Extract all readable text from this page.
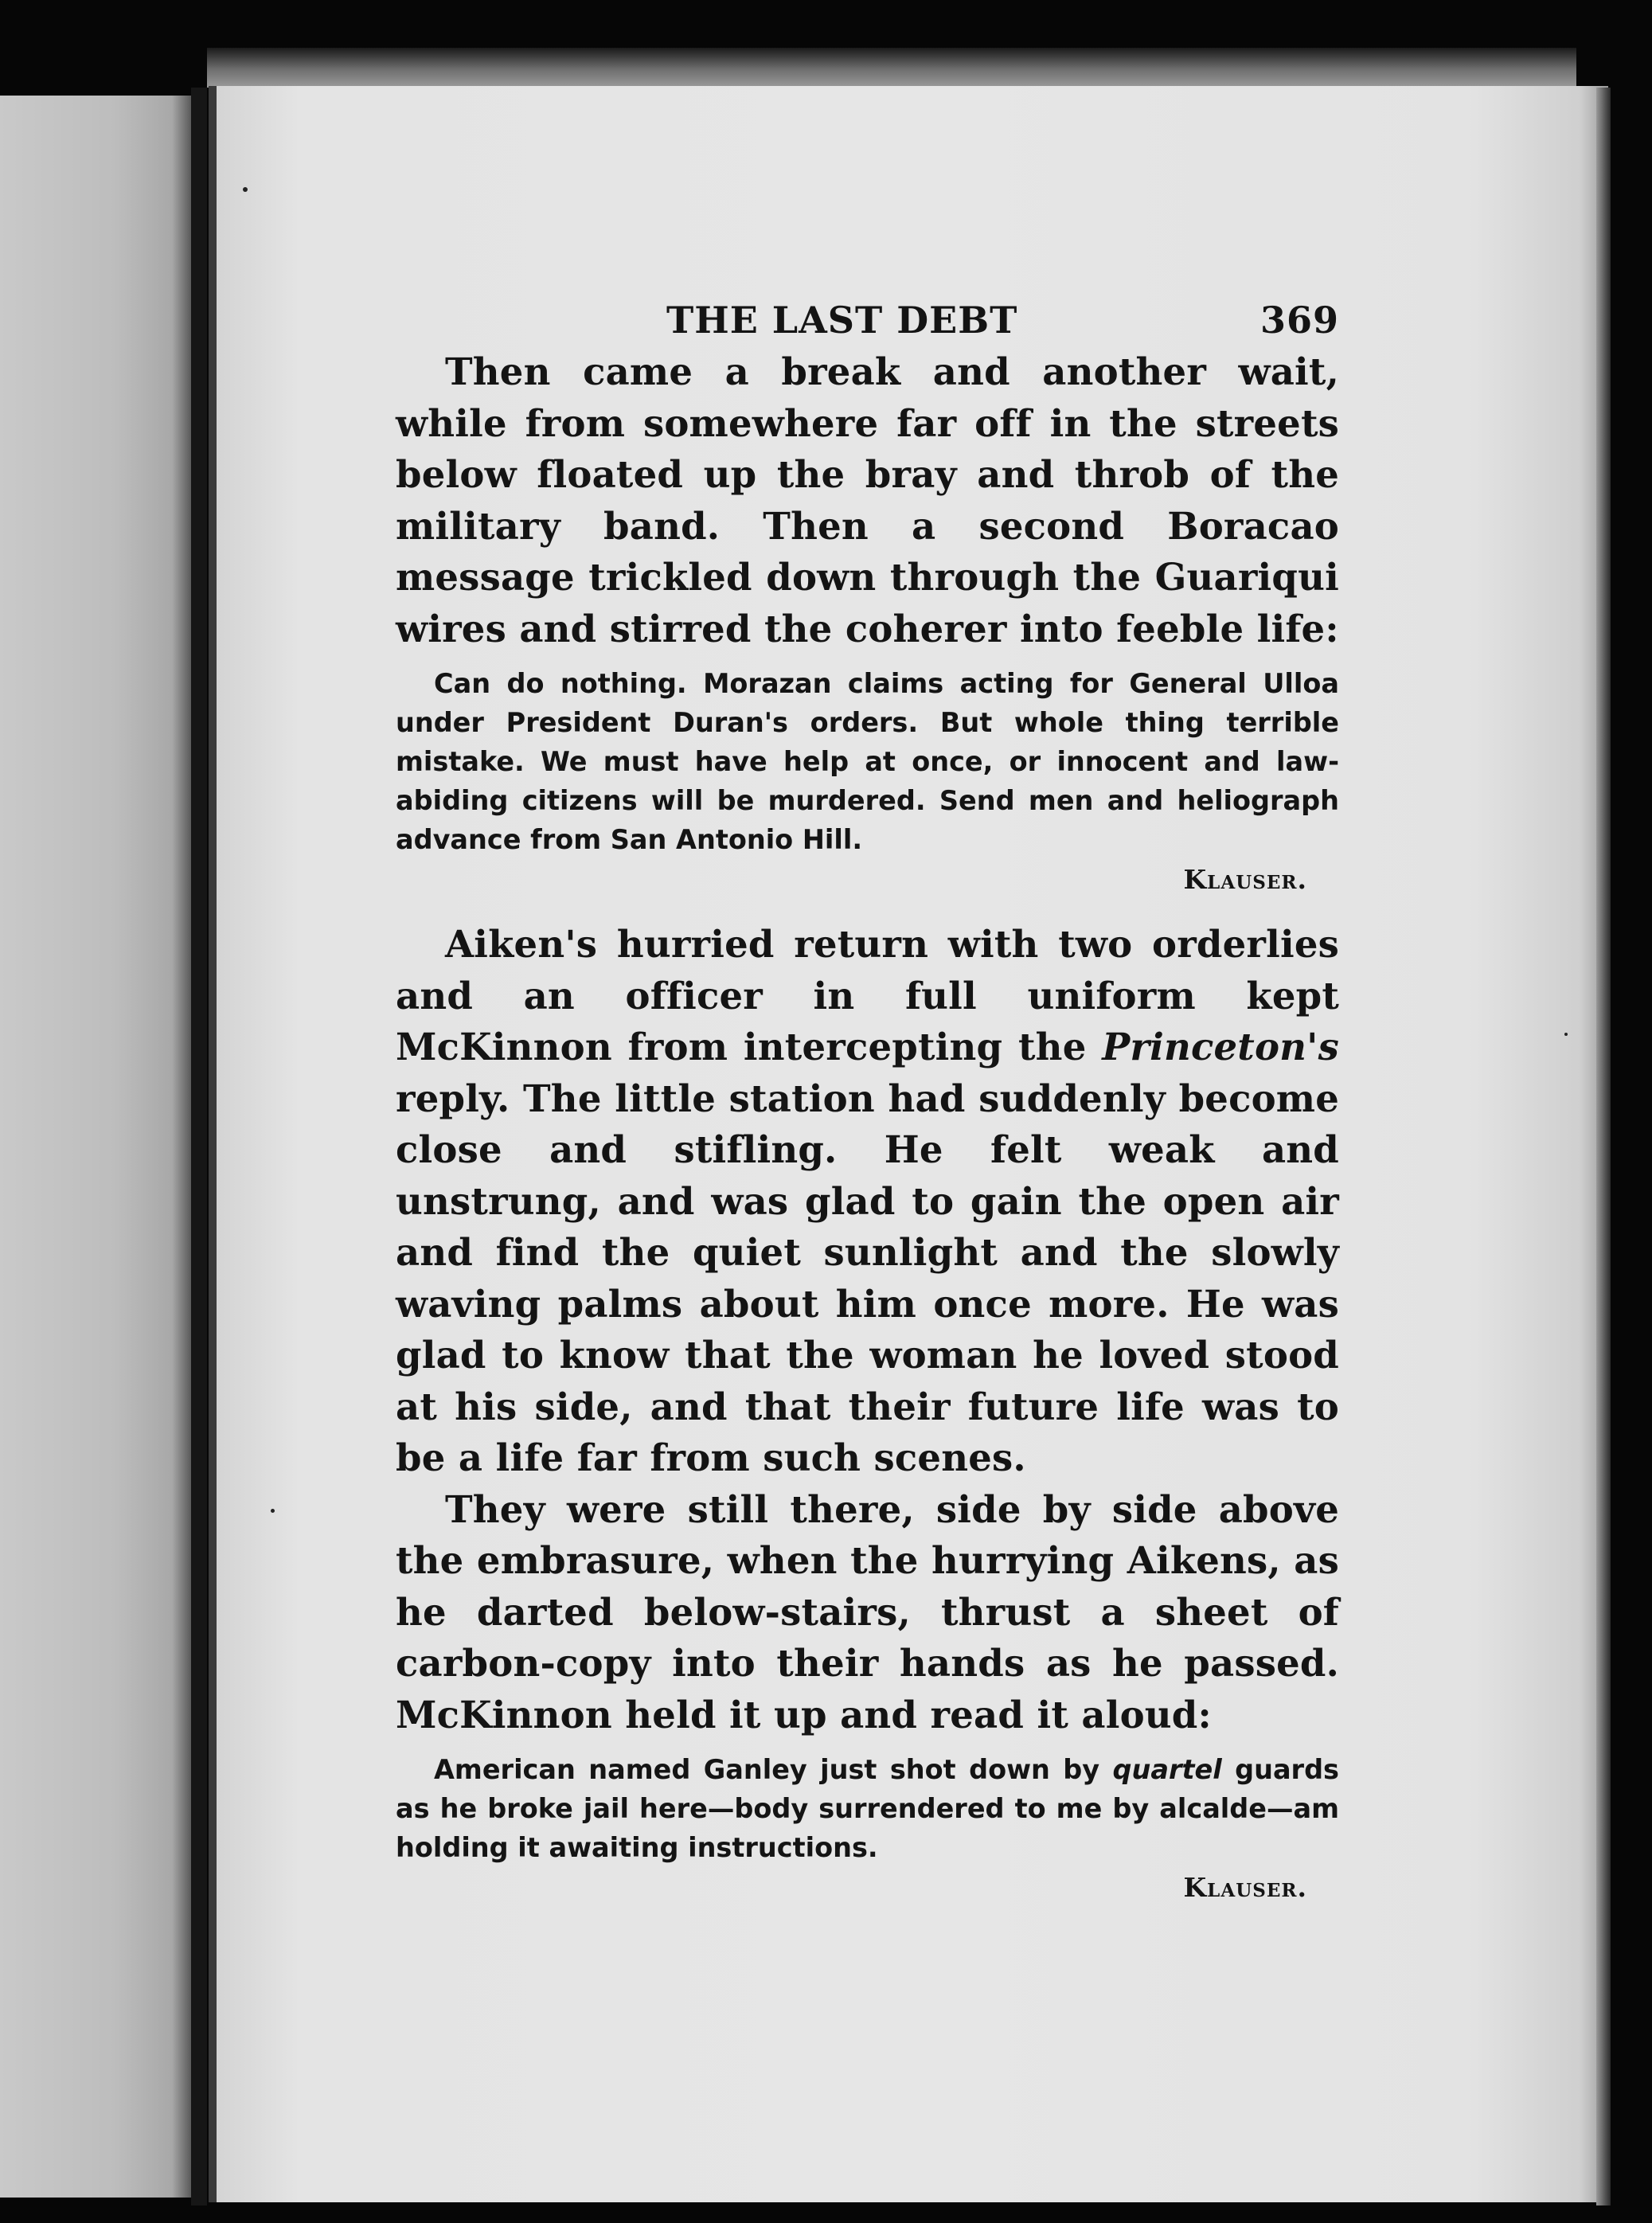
THE LAST DEBT	369

Then came a break and another wait, while from somewhere far off in the streets below floated up the bray and throb of the military band. Then a second Boracao message trickled down through the Guariqui wires and stirred the coherer into feeble life:

Can do nothing. Morazan claims acting for General Ulloa under President Duran's orders. But whole thing terrible mistake. We must have help at once, or innocent and law-abiding citizens will be murdered. Send men and heliograph advance from San Antonio Hill.

Klauser.

Aiken's hurried return with two orderlies and an officer in full uniform kept McKinnon from intercepting the Princeton's reply. The little station had suddenly become close and stifling. He felt weak and unstrung, and was glad to gain the open air and find the quiet sunlight and the slowly waving palms about him once more. He was glad to know that the woman he loved stood at his side, and that their future life was to be a life far from such scenes.

They were still there, side by side above the embrasure, when the hurrying Aikens, as he darted below-stairs, thrust a sheet of carbon-copy into their hands as he passed. McKinnon held it up and read it aloud:

American named Ganley just shot down by quartel guards as he broke jail here—body surrendered to me by alcalde—am holding it awaiting instructions.

Klauser.
